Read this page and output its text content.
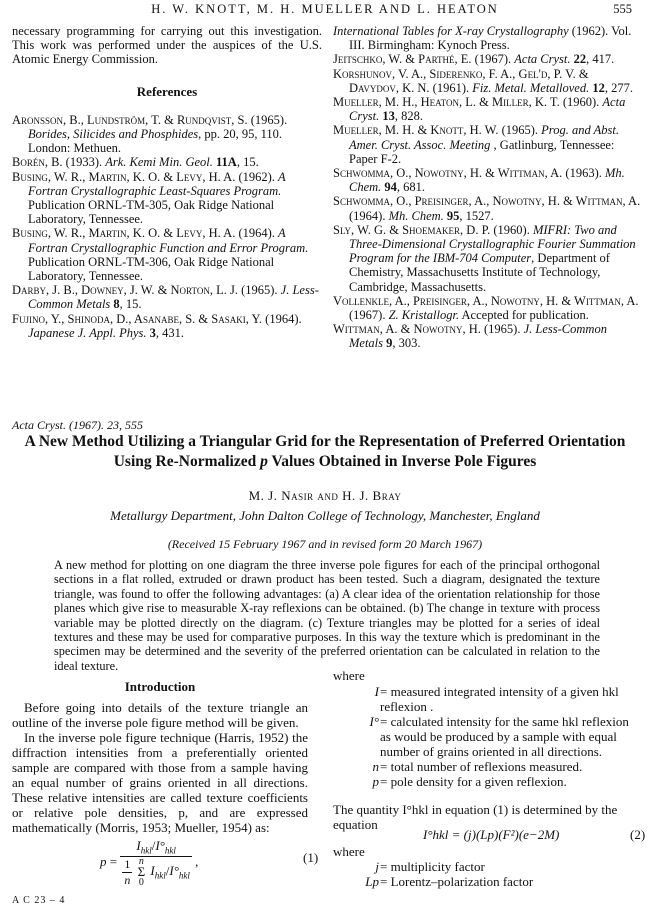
H. W. KNOTT, M. H. MUELLER AND L. HEATON	555
necessary programming for carrying out this investigation. This work was performed under the auspices of the U.S. Atomic Energy Commission.
References

Aronsson, B., Lundström, T. & Rundqvist, S. (1965). Borides, Silicides and Phosphides, pp. 20, 95, 110. London: Methuen.

Borén, B. (1933). Ark. Kemi Min. Geol. 11A, 15.

Busing, W. R., Martin, K. O. & Levy, H. A. (1962). A Fortran Crystallographic Least-Squares Program. Publication ORNL-TM-305, Oak Ridge National Laboratory, Tennessee.

Busing, W. R., Martin, K. O. & Levy, H. A. (1964). A Fortran Crystallographic Function and Error Program. Publication ORNL-TM-306, Oak Ridge National Laboratory, Tennessee.

Darby, J. B., Downey, J. W. & Norton, L. J. (1965). J. Less-Common Metals 8, 15.

Fujino, Y., Shinoda, D., Asanabe, S. & Sasaki, Y. (1964). Japanese J. Appl. Phys. 3, 431.

International Tables for X-ray Crystallography (1962). Vol. III. Birmingham: Kynoch Press.

Jeitschko, W. & Parthé, E. (1967). Acta Cryst. 22, 417.

Korshunov, V. A., Siderenko, F. A., Gel'd, P. V. & Davydov, K. N. (1961). Fiz. Metal. Metalloved. 12, 277.

Mueller, M. H., Heaton, L. & Miller, K. T. (1960). Acta Cryst. 13, 828.

Mueller, M. H. & Knott, H. W. (1965). Prog. and Abst. Amer. Cryst. Assoc. Meeting , Gatlinburg, Tennessee: Paper F-2.

Schwomma, O., Nowotny, H. & Wittman, A. (1963). Mh. Chem. 94, 681.

Schwomma, O., Preisinger, A., Nowotny, H. & Wittman, A. (1964). Mh. Chem. 95, 1527.

Sly, W. G. & Shoemaker, D. P. (1960). MIFRI: Two and Three-Dimensional Crystallographic Fourier Summation Program for the IBM-704 Computer, Department of Chemistry, Massachusetts Institute of Technology, Cambridge, Massachusetts.

Vollenkle, A., Preisinger, A., Nowotny, H. & Wittman, A. (1967). Z. Kristallogr. Accepted for publication.

Wittman, A. & Nowotny, H. (1965). J. Less-Common Metals 9, 303.

Acta Cryst. (1967). 23, 555
A New Method Utilizing a Triangular Grid for the Representation of Preferred Orientation
Using Re-Normalized p Values Obtained in Inverse Pole Figures
M. J. Nasir and H. J. Bray
Metallurgy Department, John Dalton College of Technology, Manchester, England
(Received 15 February 1967 and in revised form 20 March 1967)
A new method for plotting on one diagram the three inverse pole figures for each of the principal orthogonal sections in a flat rolled, extruded or drawn product has been tested. Such a diagram, designated the texture triangle, was found to offer the following advantages: (a) A clear idea of the orientation relationship for those planes which give rise to measurable X-ray reflexions can be obtained. (b) The change in texture with process variable may be plotted directly on the diagram. (c) Texture triangles may be plotted for a series of ideal textures and these may be used for comparative purposes. In this way the texture which is predominant in the specimen may be determined and the severity of the preferred orientation can be calculated in relation to the ideal texture.
Introduction

Before going into details of the texture triangle an outline of the inverse pole figure method will be given.

In the inverse pole figure technique (Harris, 1952) the diffraction intensities from a preferentially oriented sample are compared with those from a sample having an equal number of grains oriented in all directions. These relative intensities are called texture coefficients or relative pole densities, p, and are expressed mathematically (Morris, 1953; Mueller, 1954) as:

$p = I_{hkl}/I^\circ_{hkl}$
$\frac{1}{n}$ n
Σ
0 $I_{hkl}/I^\circ_{hkl}$ ,	(1)
where

I = measured integrated intensity of a given hkl reflexion .

I° = calculated intensity for the same hkl reflexion as would be produced by a sample with equal number of grains oriented in all directions.

n = total number of reflexions measured.

p = pole density for a given reflexion.

The quantity I°hkl in equation (1) is determined by the equation
I°hkl = (j)(Lp)(F²)(e−2M)	(2)
where

j = multiplicity factor

Lp = Lorentz–polarization factor

A C 23 – 4
